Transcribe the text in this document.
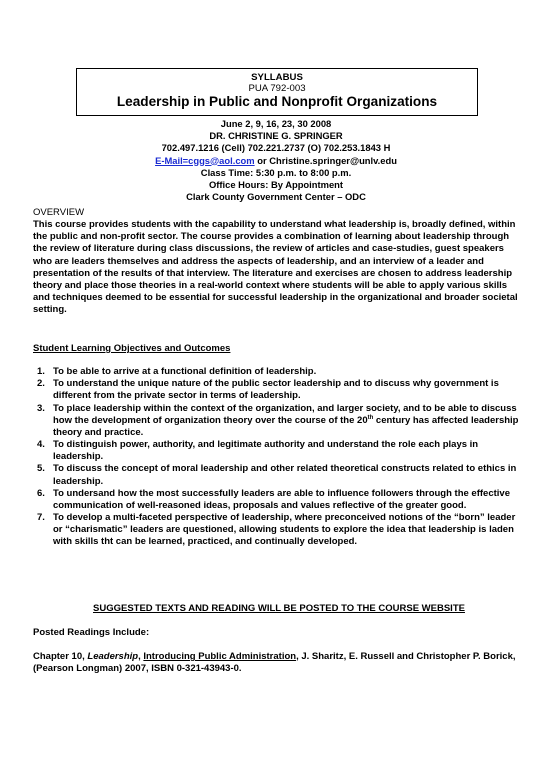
SYLLABUS
PUA 792-003
Leadership in Public and Nonprofit Organizations
June 2, 9, 16, 23, 30 2008
DR. CHRISTINE G. SPRINGER
702.497.1216 (Cell) 702.221.2737 (O) 702.253.1843 H
E-Mail=cggs@aol.com or Christine.springer@unlv.edu
Class Time: 5:30 p.m. to 8:00 p.m.
Office Hours: By Appointment
Clark County Government Center – ODC
OVERVIEW
This course provides students with the capability to understand what leadership is, broadly defined, within the public and non-profit sector. The course provides a combination of learning about leadership through the review of literature during class discussions, the review of articles and case-studies, guest speakers who are leaders themselves and address the aspects of leadership, and an interview of a leader and presentation of the results of that interview. The literature and exercises are chosen to address leadership theory and place those theories in a real-world context where students will be able to apply various skills and techniques deemed to be essential for successful leadership in the organizational and broader societal setting.
Student Learning Objectives and Outcomes
1. To be able to arrive at a functional definition of leadership.
2. To understand the unique nature of the public sector leadership and to discuss why government is different from the private sector in terms of leadership.
3. To place leadership within the context of the organization, and larger society, and to be able to discuss how the development of organization theory over the course of the 20th century has affected leadership theory and practice.
4. To distinguish power, authority, and legitimate authority and understand the role each plays in leadership.
5. To discuss the concept of moral leadership and other related theoretical constructs related to ethics in leadership.
6. To undersand how the most successfully leaders are able to influence followers through the effective communication of well-reasoned ideas, proposals and values reflective of the greater good.
7. To develop a multi-faceted perspective of leadership, where preconceived notions of the “born” leader or “charismatic” leaders are questioned, allowing students to explore the idea that leadership is laden with skills tht can be learned, practiced, and continually developed.
SUGGESTED TEXTS AND READING WILL BE POSTED TO THE COURSE WEBSITE
Posted Readings Include:
Chapter 10, Leadership, Introducing Public Administration, J. Sharitz, E. Russell and Christopher P. Borick, (Pearson Longman) 2007, ISBN 0-321-43943-0.
